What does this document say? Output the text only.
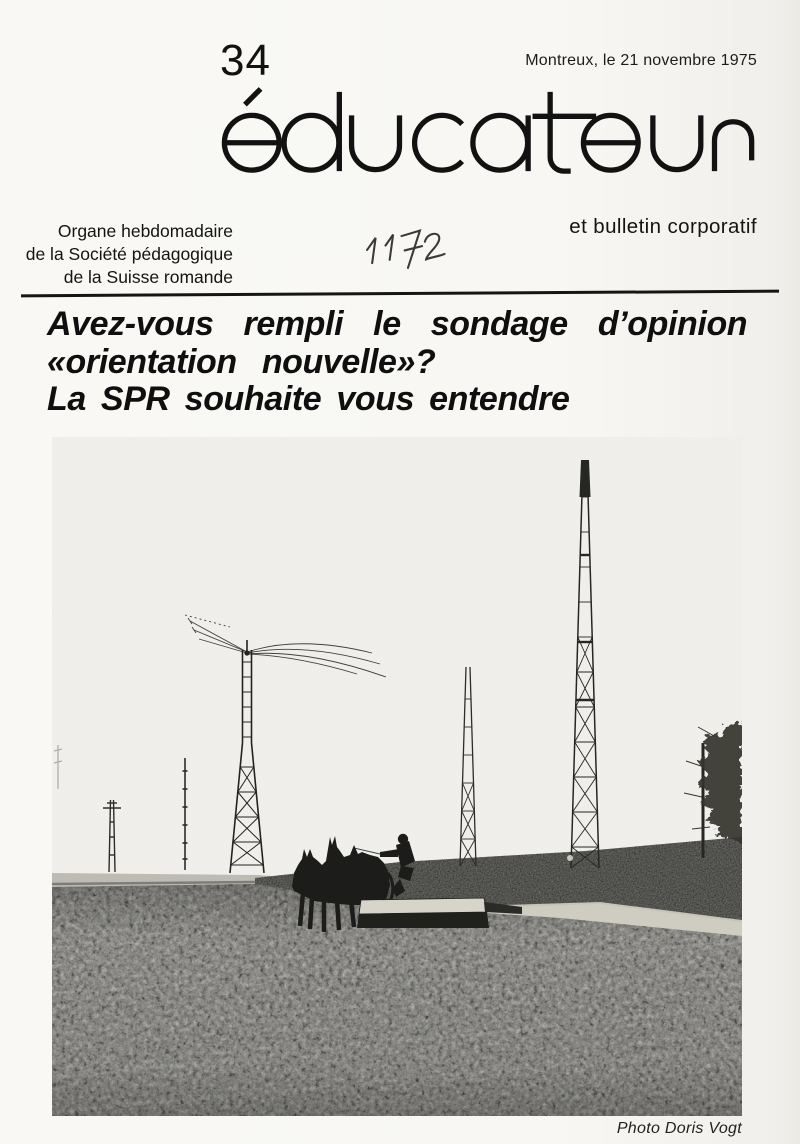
34	Montreux, le 21 novembre 1975
Organe hebdomadaire
de la Société pédagogique
de la Suisse romande
et bulletin corporatif
Avez-vous rempli le sondage d’opinion
«orientation nouvelle»?
La SPR souhaite vous entendre
Photo Doris Vogt
